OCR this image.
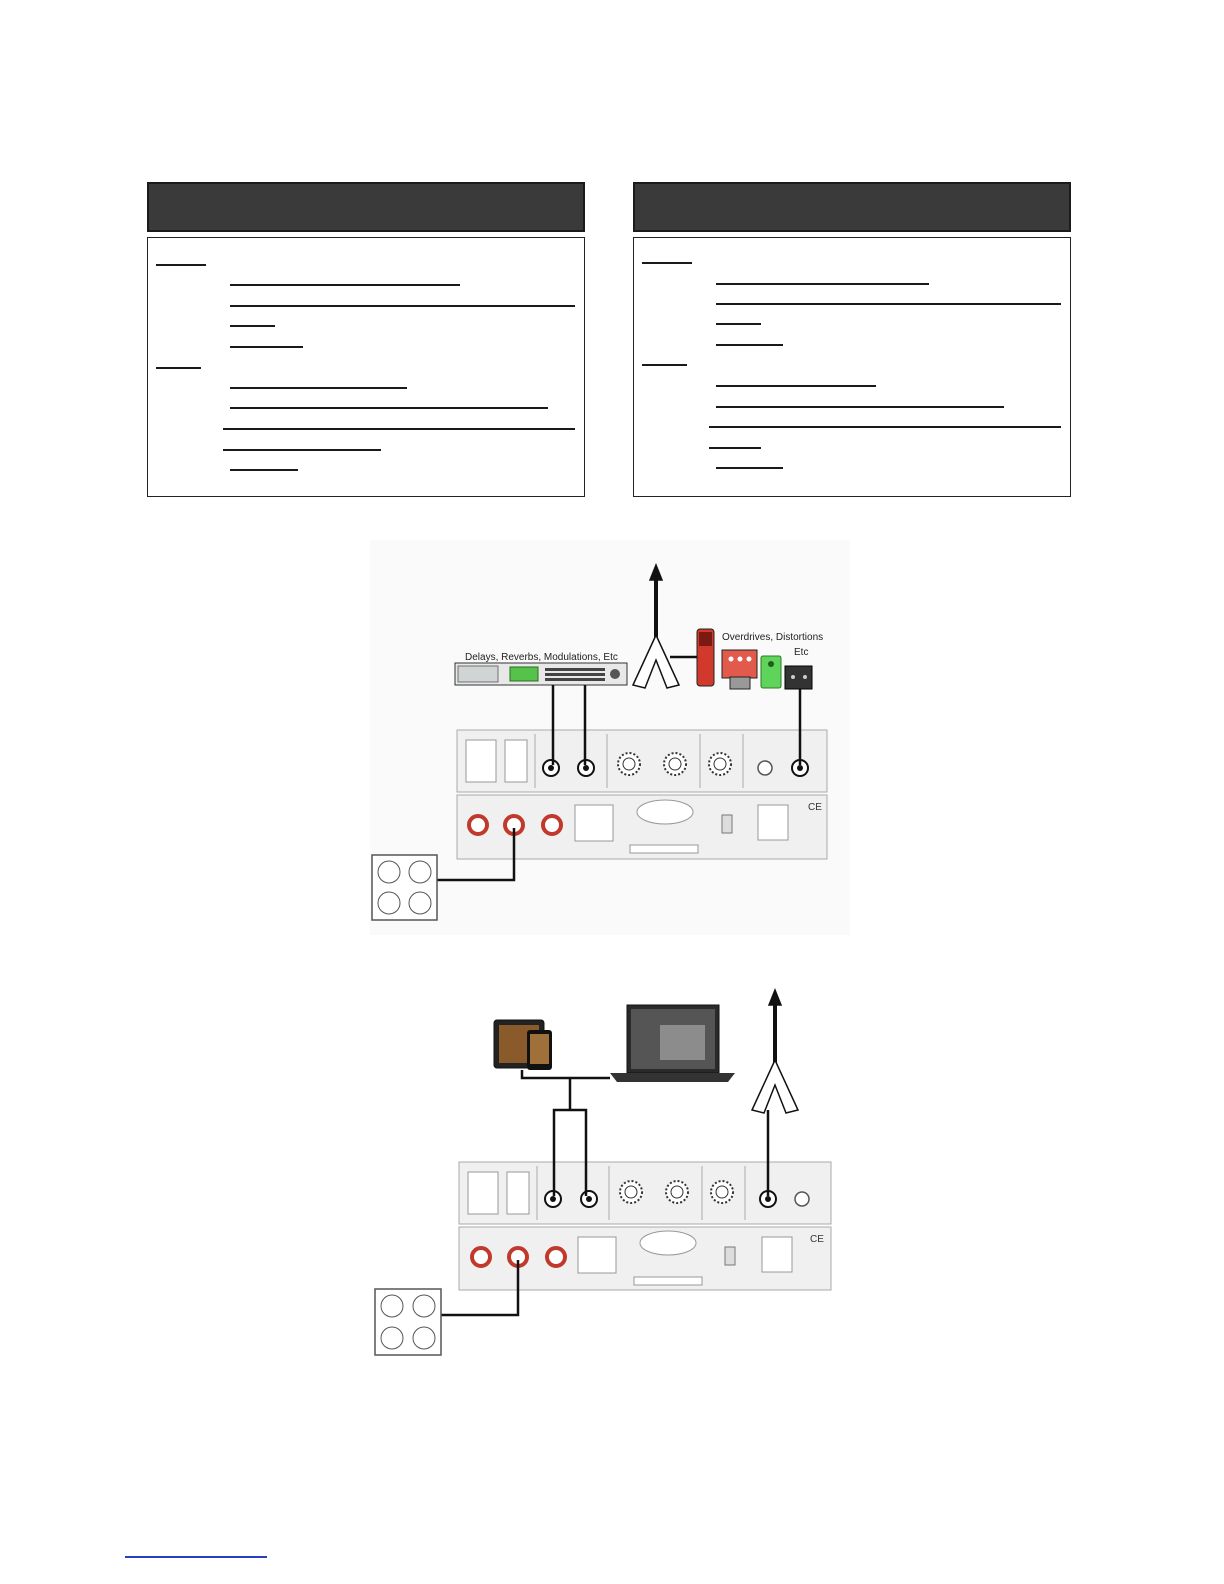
Delays, Reverbs, Modulations, Etc
Overdrives, Distortions
Etc
CE
CE
